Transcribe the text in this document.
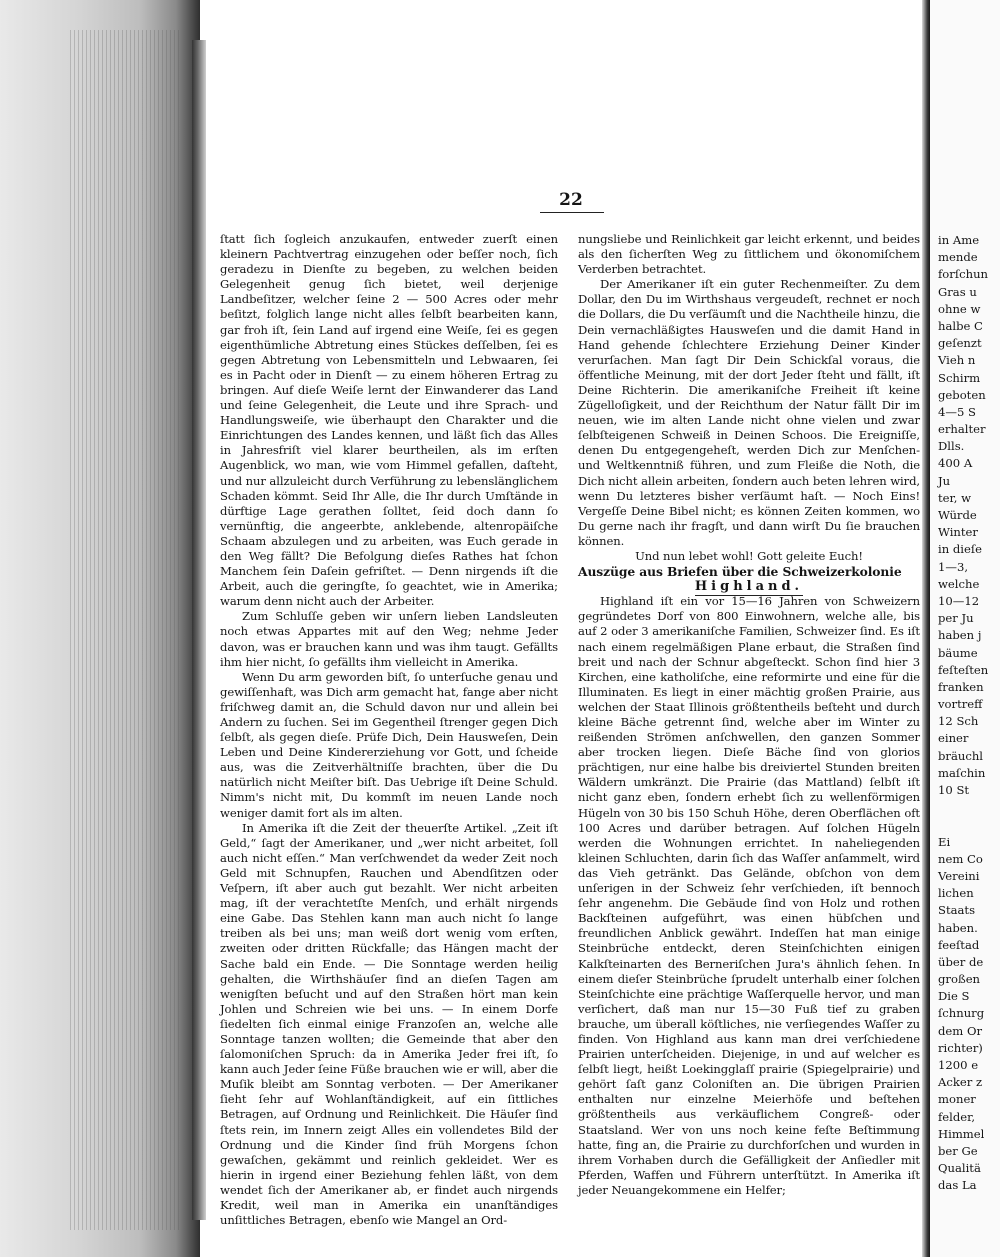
in Ame
mende
forſchun
Gras u
ohne w
halbe C
geſenzt
Vieh n
Schirm
geboten
4—5 S
erhalter
Dlls.
400 A
Ju
ter, w
Würde
Winter
in dieſe
1—3,
welche
10—12
per Ju
haben j
bäume
feſteſten
franken
vortreff
12 Sch
einer
bräuchl
maſchin
10 St
Ei
nem Co
Vereini
lichen
Staats
haben.
feeſtad
über de
großen
Die S
ſchnurg
dem Or
richter)
1200 e
Acker z
moner
felder,
Himmel
ber Ge
Qualitä
das La
22

ſtatt ſich ſogleich anzukaufen, entweder zuerſt einen kleinern Pachtvertrag einzugehen oder beſſer noch, ſich geradezu in Dienſte zu begeben, zu welchen beiden Gelegenheit genug ſich bietet, weil derjenige Landbeſitzer, welcher ſeine 2 — 500 Acres oder mehr beſitzt, folglich lange nicht alles ſelbſt bearbeiten kann, gar froh iſt, ſein Land auf irgend eine Weiſe, ſei es gegen eigenthümliche Abtretung eines Stückes deſſelben, ſei es gegen Abtretung von Lebensmitteln und Lebwaaren, ſei es in Pacht oder in Dienſt — zu einem höheren Ertrag zu bringen. Auf dieſe Weiſe lernt der Einwanderer das Land und ſeine Gelegenheit, die Leute und ihre Sprach- und Handlungsweiſe, wie überhaupt den Charakter und die Einrichtungen des Landes kennen, und läßt ſich das Alles in Jahresfriſt viel klarer beurtheilen, als im erſten Augenblick, wo man, wie vom Himmel gefallen, daſteht, und nur allzuleicht durch Verführung zu lebenslänglichem Schaden kömmt. Seid Ihr Alle, die Ihr durch Umſtände in dürftige Lage gerathen ſolltet, ſeid doch dann ſo vernünftig, die angeerbte, anklebende, altenropäiſche Schaam abzulegen und zu arbeiten, was Euch gerade in den Weg fällt? Die Befolgung dieſes Rathes hat ſchon Manchem ſein Daſein gefriſtet. — Denn nirgends iſt die Arbeit, auch die geringſte, ſo geachtet, wie in Amerika; warum denn nicht auch der Arbeiter.

Zum Schluſſe geben wir unſern lieben Landsleuten noch etwas Appartes mit auf den Weg; nehme Jeder davon, was er brauchen kann und was ihm taugt. Gefällts ihm hier nicht, ſo gefällts ihm vielleicht in Amerika.

Wenn Du arm geworden biſt, ſo unterſuche genau und gewiſſenhaft, was Dich arm gemacht hat, fange aber nicht friſchweg damit an, die Schuld davon nur und allein bei Andern zu ſuchen. Sei im Gegentheil ſtrenger gegen Dich ſelbſt, als gegen dieſe. Prüfe Dich, Dein Hausweſen, Dein Leben und Deine Kindererziehung vor Gott, und ſcheide aus, was die Zeitverhältniſſe brachten, über die Du natürlich nicht Meiſter biſt. Das Uebrige iſt Deine Schuld. Nimm's nicht mit, Du kommſt im neuen Lande noch weniger damit fort als im alten.

In Amerika iſt die Zeit der theuerſte Artikel. „Zeit iſt Geld,“ ſagt der Amerikaner, und „wer nicht arbeitet, ſoll auch nicht eſſen.“ Man verſchwendet da weder Zeit noch Geld mit Schnupfen, Rauchen und Abendſitzen oder Veſpern, iſt aber auch gut bezahlt. Wer nicht arbeiten mag, iſt der verachtetſte Menſch, und erhält nirgends eine Gabe. Das Stehlen kann man auch nicht ſo lange treiben als bei uns; man weiß dort wenig vom erſten, zweiten oder dritten Rückfalle; das Hängen macht der Sache bald ein Ende. — Die Sonntage werden heilig gehalten, die Wirthshäuſer ſind an dieſen Tagen am wenigſten beſucht und auf den Straßen hört man kein Johlen und Schreien wie bei uns. — In einem Dorfe ſiedelten ſich einmal einige Franzoſen an, welche alle Sonntage tanzen wollten; die Gemeinde that aber den ſalomoniſchen Spruch: da in Amerika Jeder frei iſt, ſo kann auch Jeder ſeine Füße brauchen wie er will, aber die Muſik bleibt am Sonntag verboten. — Der Amerikaner ſieht ſehr auf Wohlanſtändigkeit, auf ein ſittliches Betragen, auf Ordnung und Reinlichkeit. Die Häuſer ſind ſtets rein, im Innern zeigt Alles ein vollendetes Bild der Ordnung und die Kinder ſind früh Morgens ſchon gewaſchen, gekämmt und reinlich gekleidet. Wer es hierin in irgend einer Beziehung fehlen läßt, von dem wendet ſich der Amerikaner ab, er findet auch nirgends Kredit, weil man in Amerika ein unanſtändiges unſittliches Betragen, ebenſo wie Mangel an Ord-

nungsliebe und Reinlichkeit gar leicht erkennt, und beides als den ſicherſten Weg zu ſittlichem und ökonomiſchem Verderben betrachtet.

Der Amerikaner iſt ein guter Rechenmeiſter. Zu dem Dollar, den Du im Wirthshaus vergeudeſt, rechnet er noch die Dollars, die Du verſäumſt und die Nachtheile hinzu, die Dein vernachläßigtes Hausweſen und die damit Hand in Hand gehende ſchlechtere Erziehung Deiner Kinder verurſachen. Man ſagt Dir Dein Schickſal voraus, die öffentliche Meinung, mit der dort Jeder ſteht und fällt, iſt Deine Richterin. Die amerikaniſche Freiheit iſt keine Zügelloſigkeit, und der Reichthum der Natur fällt Dir im neuen, wie im alten Lande nicht ohne vielen und zwar ſelbſteigenen Schweiß in Deinen Schoos. Die Ereigniſſe, denen Du entgegengeheſt, werden Dich zur Menſchen- und Weltkenntniß führen, und zum Fleiße die Noth, die Dich nicht allein arbeiten, ſondern auch beten lehren wird, wenn Du letzteres bisher verſäumt haſt. — Noch Eins! Vergeſſe Deine Bibel nicht; es können Zeiten kommen, wo Du gerne nach ihr fragſt, und dann wirſt Du ſie brauchen können.

Und nun lebet wohl! Gott geleite Euch!

Auszüge aus Briefen über die Schweizerkolonie

Highland.

Highland iſt ein vor 15—16 Jahren von Schweizern gegründetes Dorf von 800 Einwohnern, welche alle, bis auf 2 oder 3 amerikaniſche Familien, Schweizer ſind. Es iſt nach einem regelmäßigen Plane erbaut, die Straßen ſind breit und nach der Schnur abgeſteckt. Schon ſind hier 3 Kirchen, eine katholiſche, eine reformirte und eine für die Illuminaten. Es liegt in einer mächtig großen Prairie, aus welchen der Staat Illinois größtentheils beſteht und durch kleine Bäche getrennt ſind, welche aber im Winter zu reißenden Strömen anſchwellen, den ganzen Sommer aber trocken liegen. Dieſe Bäche ſind von glorios prächtigen, nur eine halbe bis dreiviertel Stunden breiten Wäldern umkränzt. Die Prairie (das Mattland) ſelbſt iſt nicht ganz eben, ſondern erhebt ſich zu wellenförmigen Hügeln von 30 bis 150 Schuh Höhe, deren Oberflächen oft 100 Acres und darüber betragen. Auf ſolchen Hügeln werden die Wohnungen errichtet. In naheliegenden kleinen Schluchten, darin ſich das Waſſer anſammelt, wird das Vieh getränkt. Das Gelände, obſchon von dem unſerigen in der Schweiz ſehr verſchieden, iſt bennoch ſehr angenehm. Die Gebäude ſind von Holz und rothen Backſteinen aufgeführt, was einen hübſchen und freundlichen Anblick gewährt. Indeſſen hat man einige Steinbrüche entdeckt, deren Steinſchichten einigen Kalkſteinarten des Berneriſchen Jura's ähnlich ſehen. In einem dieſer Steinbrüche ſprudelt unterhalb einer ſolchen Steinſchichte eine prächtige Waſſerquelle hervor, und man verſichert, daß man nur 15—30 Fuß tief zu graben brauche, um überall köſtliches, nie verſiegendes Waſſer zu finden. Von Highland aus kann man drei verſchiedene Prairien unterſcheiden. Diejenige, in und auf welcher es ſelbſt liegt, heißt Loekingglaſſ prairie (Spiegelprairie) und gehört ſaſt ganz Coloniſten an. Die übrigen Prairien enthalten nur einzelne Meierhöfe und beſtehen größtentheils aus verkäuflichem Congreß- oder Staatsland. Wer von uns noch keine feſte Beſtimmung hatte, fing an, die Prairie zu durchforſchen und wurden in ihrem Vorhaben durch die Gefälligkeit der Anſiedler mit Pferden, Waffen und Führern unterſtützt. In Amerika iſt jeder Neuangekommene ein Helfer;
